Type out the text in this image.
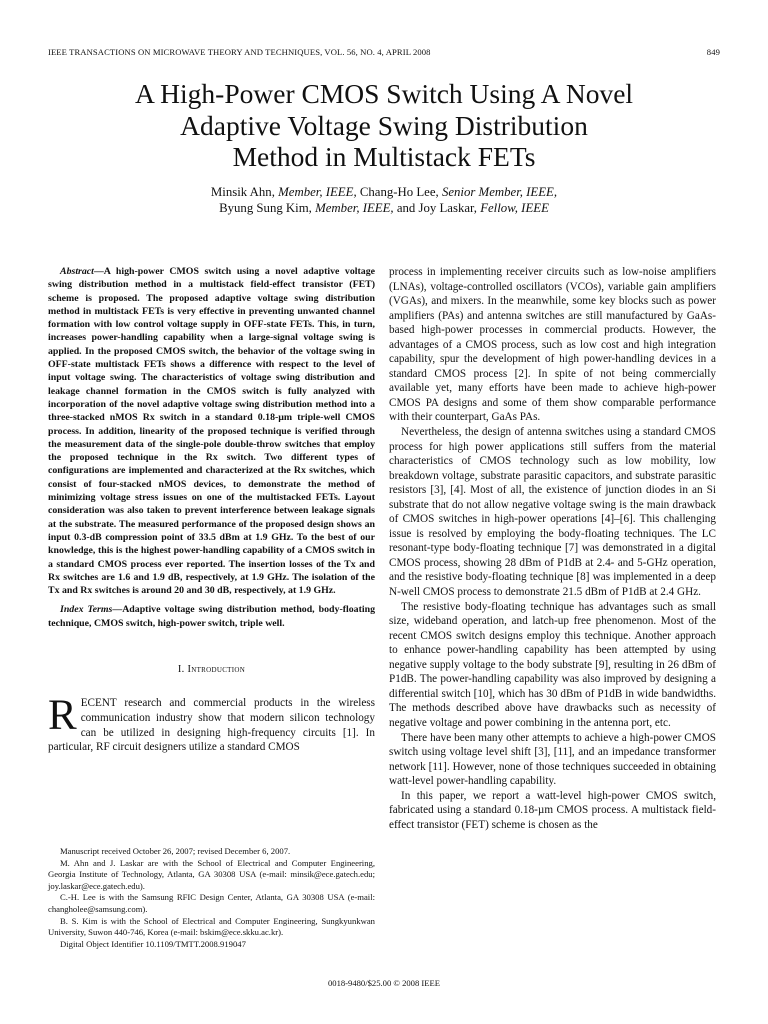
IEEE TRANSACTIONS ON MICROWAVE THEORY AND TECHNIQUES, VOL. 56, NO. 4, APRIL 2008	849
A High-Power CMOS Switch Using A Novel
Adaptive Voltage Swing Distribution
Method in Multistack FETs
Minsik Ahn, Member, IEEE, Chang-Ho Lee, Senior Member, IEEE,
Byung Sung Kim, Member, IEEE, and Joy Laskar, Fellow, IEEE

Abstract—A high-power CMOS switch using a novel adaptive voltage swing distribution method in a multistack field-effect transistor (FET) scheme is proposed. The proposed adaptive voltage swing distribution method in multistack FETs is very effective in preventing unwanted channel formation with low control voltage supply in OFF-state FETs. This, in turn, increases power-handling capability when a large-signal voltage swing is applied. In the proposed CMOS switch, the behavior of the voltage swing in OFF-state multistack FETs shows a difference with respect to the level of input voltage swing. The characteristics of voltage swing distribution and leakage channel formation in the CMOS switch is fully analyzed with incorporation of the novel adaptive voltage swing distribution method into a three-stacked nMOS Rx switch in a standard 0.18-µm triple-well CMOS process. In addition, linearity of the proposed technique is verified through the measurement data of the single-pole double-throw switches that employ the proposed technique in the Rx switch. Two different types of configurations are implemented and characterized at the Rx switches, which consist of four-stacked nMOS devices, to demonstrate the method of minimizing voltage stress issues on one of the multistacked FETs. Layout consideration was also taken to prevent interference between leakage signals at the substrate. The measured performance of the proposed design shows an input 0.3-dB compression point of 33.5 dBm at 1.9 GHz. To the best of our knowledge, this is the highest power-handling capability of a CMOS switch in a standard CMOS process ever reported. The insertion losses of the Tx and Rx switches are 1.6 and 1.9 dB, respectively, at 1.9 GHz. The isolation of the Tx and Rx switches is around 20 and 30 dB, respectively, at 1.9 GHz.

Index Terms—Adaptive voltage swing distribution method, body-floating technique, CMOS switch, high-power switch, triple well.

I. Introduction

RECENT research and commercial products in the wireless communication industry show that modern silicon technology can be utilized in designing high-frequency circuits [1]. In particular, RF circuit designers utilize a standard CMOS

Manuscript received October 26, 2007; revised December 6, 2007.

M. Ahn and J. Laskar are with the School of Electrical and Computer Engineering, Georgia Institute of Technology, Atlanta, GA 30308 USA (e-mail: minsik@ece.gatech.edu; joy.laskar@ece.gatech.edu).

C.-H. Lee is with the Samsung RFIC Design Center, Atlanta, GA 30308 USA (e-mail: changholee@samsung.com).

B. S. Kim is with the School of Electrical and Computer Engineering, Sungkyunkwan University, Suwon 440-746, Korea (e-mail: bskim@ece.skku.ac.kr).

Digital Object Identifier 10.1109/TMTT.2008.919047

process in implementing receiver circuits such as low-noise amplifiers (LNAs), voltage-controlled oscillators (VCOs), variable gain amplifiers (VGAs), and mixers. In the meanwhile, some key blocks such as power amplifiers (PAs) and antenna switches are still manufactured by GaAs-based high-power processes in commercial products. However, the advantages of a CMOS process, such as low cost and high integration capability, spur the development of high power-handling devices in a standard CMOS process [2]. In spite of not being commercially available yet, many efforts have been made to achieve high-power CMOS PA designs and some of them show comparable performance with their counterpart, GaAs PAs.

Nevertheless, the design of antenna switches using a standard CMOS process for high power applications still suffers from the material characteristics of CMOS technology such as low mobility, low breakdown voltage, substrate parasitic capacitors, and substrate parasitic resistors [3], [4]. Most of all, the existence of junction diodes in an Si substrate that do not allow negative voltage swing is the main drawback of CMOS switches in high-power operations [4]–[6]. This challenging issue is resolved by employing the body-floating techniques. The LC resonant-type body-floating technique [7] was demonstrated in a digital CMOS process, showing 28 dBm of P1dB at 2.4- and 5-GHz operation, and the resistive body-floating technique [8] was implemented in a deep N-well CMOS process to demonstrate 21.5 dBm of P1dB at 2.4 GHz.

The resistive body-floating technique has advantages such as small size, wideband operation, and latch-up free phenomenon. Most of the recent CMOS switch designs employ this technique. Another approach to enhance power-handling capability has been attempted by using negative supply voltage to the body substrate [9], resulting in 26 dBm of P1dB. The power-handling capability was also improved by designing a differential switch [10], which has 30 dBm of P1dB in wide bandwidths. The methods described above have drawbacks such as necessity of negative voltage and power combining in the antenna port, etc.

There have been many other attempts to achieve a high-power CMOS switch using voltage level shift [3], [11], and an impedance transformer network [11]. However, none of those techniques succeeded in obtaining watt-level power-handling capability.

In this paper, we report a watt-level high-power CMOS switch, fabricated using a standard 0.18-µm CMOS process. A multistack field-effect transistor (FET) scheme is chosen as the

0018-9480/$25.00 © 2008 IEEE
